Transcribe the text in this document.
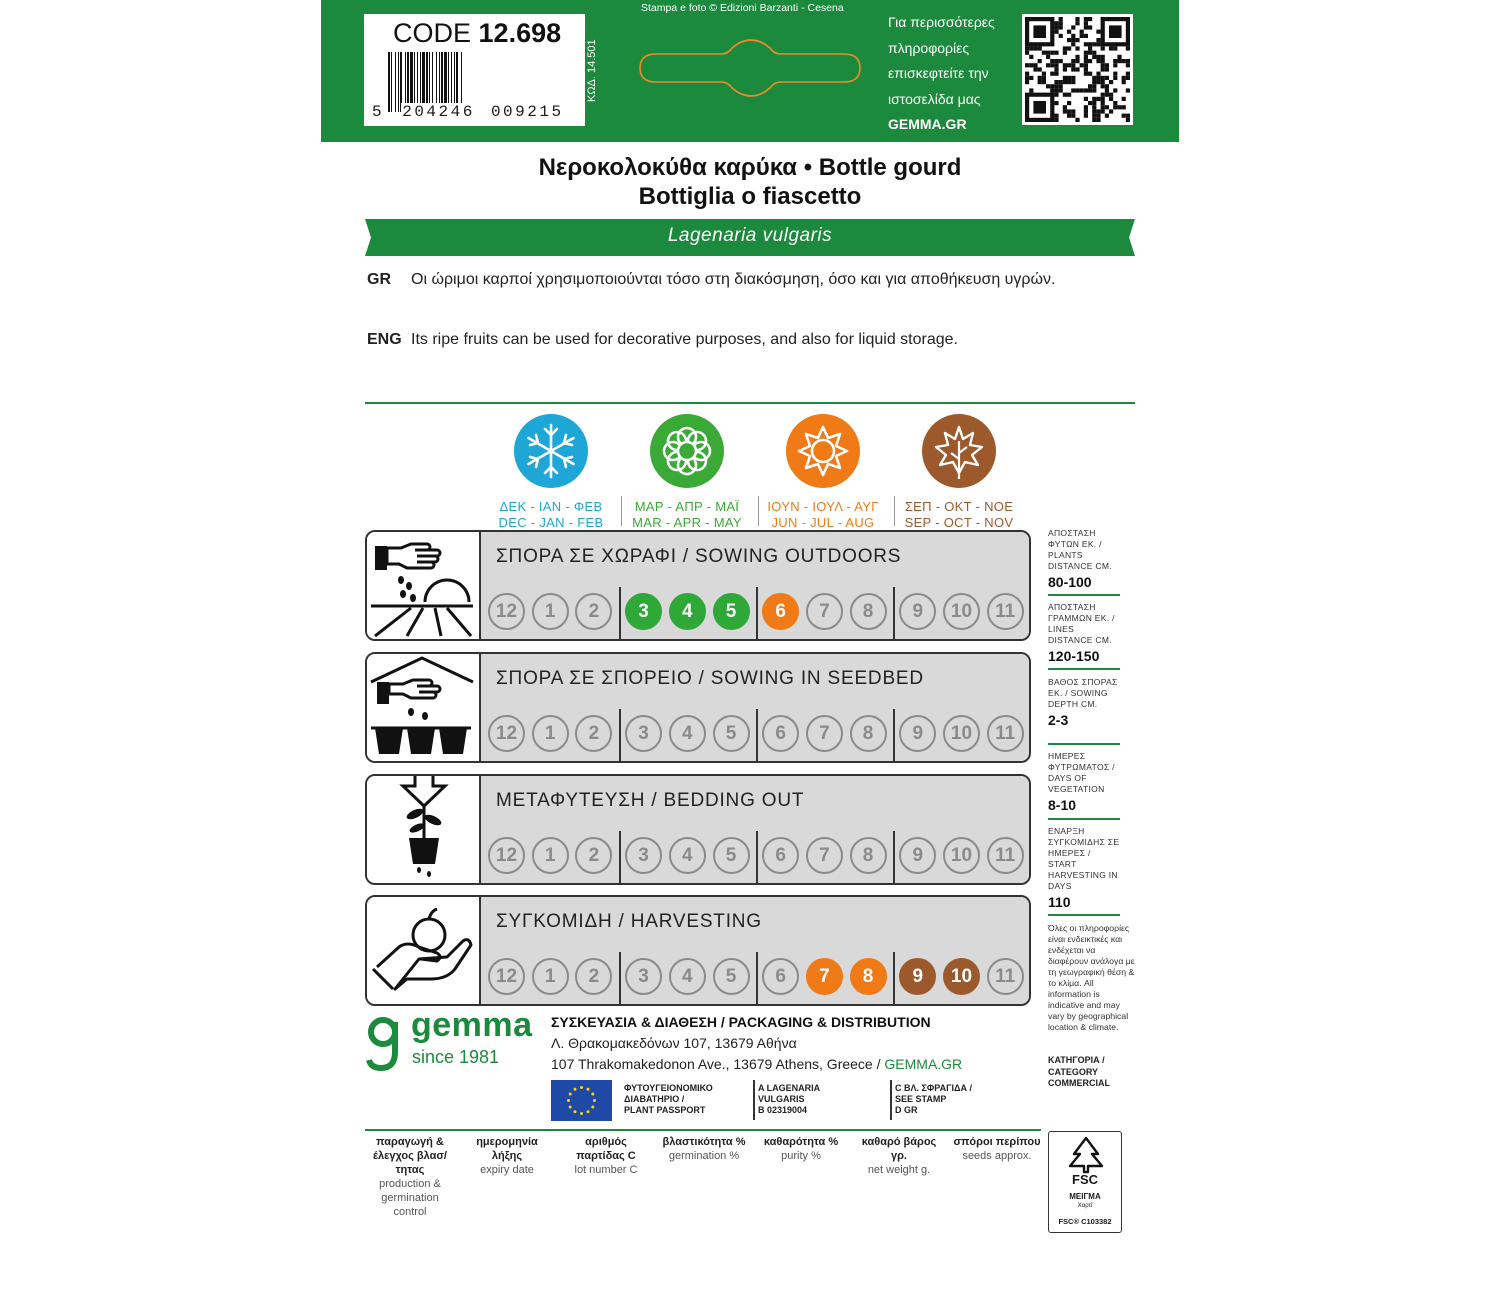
CODE 12.698
5 204246 009215
ΚΩΔ. 14.501
Stampa e foto © Edizioni Barzanti - Cesena
Για περισσότερες
πληροφορίες
επισκεφτείτε την
ιστοσελίδα μας
GEMMA.GR
Νεροκολοκύθα καρύκα • Bottle gourd
Bottiglia o fiascetto
Lagenaria vulgaris
GR Οι ώριμοι καρποί χρησιμοποιούνται τόσο στη διακόσμηση, όσο και για αποθήκευση υγρών.
ENG Its ripe fruits can be used for decorative purposes, and also for liquid storage.
ΔΕΚ - ΙΑΝ - ΦΕΒ
DEC - JAN - FEB
ΜΑΡ - ΑΠΡ - ΜΑΪ
MAR - APR - MAY
ΙΟΥΝ - ΙΟΥΛ - ΑΥΓ
JUN - JUL - AUG
ΣΕΠ - ΟΚΤ - ΝΟΕ
SEP - OCT - NOV
ΣΠΟΡΑ ΣΕ ΧΩΡΑΦΙ / SOWING OUTDOORS
12	1	2	3	4	5	6	7	8	9	10	11
ΣΠΟΡΑ ΣΕ ΣΠΟΡΕΙΟ / SOWING IN SEEDBED
12	1	2	3	4	5	6	7	8	9	10	11
ΜΕΤΑΦΥΤΕΥΣΗ / BEDDING OUT
12	1	2	3	4	5	6	7	8	9	10	11
ΣΥΓΚΟΜΙΔΗ / HARVESTING
12	1	2	3	4	5	6	7	8	9	10	11
ΑΠΟΣΤΑΣΗ ΦΥΤΩΝ ΕΚ. / PLANTS DISTANCE CM.
80-100
ΑΠΟΣΤΑΣΗ ΓΡΑΜΜΩΝ ΕΚ. / LINES DISTANCE CM.
120-150
ΒΑΘΟΣ ΣΠΟΡΑΣ ΕΚ. / SOWING DEPTH CM.
2-3
ΗΜΕΡΕΣ ΦΥΤΡΩΜΑΤΟΣ / DAYS OF VEGETATION
8-10
ΕΝΑΡΞΗ ΣΥΓΚΟΜΙΔΗΣ ΣΕ ΗΜΕΡΕΣ / START HARVESTING IN DAYS
110
Όλες οι πληροφορίες είναι ενδεικτικές και ενδέχεται να διαφέρουν ανάλογα με τη γεωγραφική θέση & το κλίμα. All information is indicative and may vary by geographical location & climate.
ΚΑΤΗΓΟΡΙΑ / CATEGORY COMMERCIAL
gemma
since 1981
ΣΥΣΚΕΥΑΣΙΑ & ΔΙΑΘΕΣΗ / PACKAGING & DISTRIBUTION
Λ. Θρακομακεδόνων 107, 13679 Αθήνα
107 Thrakomakedonon Ave., 13679 Athens, Greece / GEMMA.GR
ΦΥΤΟΥΓΕΙΟΝΟΜΙΚΟ
ΔΙΑΒΑΤΗΡΙΟ /
PLANT PASSPORT
A LAGENARIA
VULGARIS
B 02319004
C ΒΛ. ΣΦΡΑΓΙΔΑ /
SEE STAMP
D GR
παραγωγή & έλεγχος βλασ/τητας
production & germination control
ημερομηνία λήξης
expiry date
αριθμός παρτίδας C
lot number C
βλαστικότητα %
germination %
καθαρότητα %
purity %
καθαρό βάρος γρ.
net weight g.
σπόροι περίπου
seeds approx.
FSC
ΜΕΙΓΜΑ
Χαρτί
FSC® C103382
